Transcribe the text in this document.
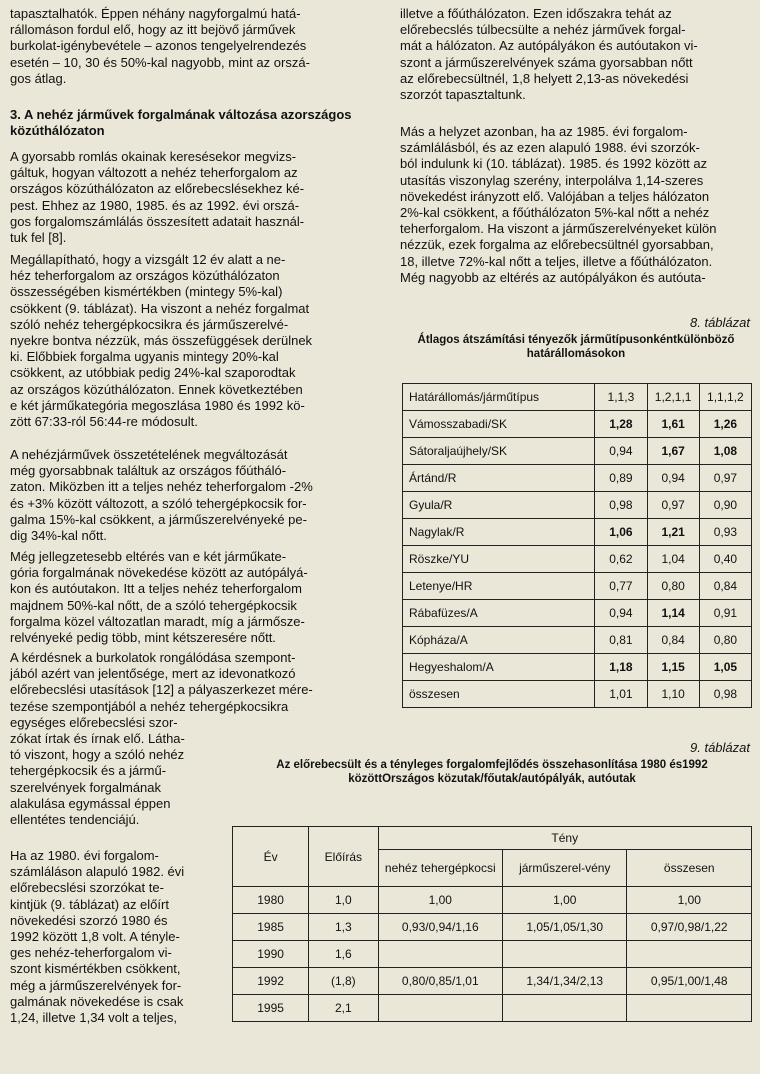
tapasztalhatók. Éppen néhány nagyforgalmú hatá-
rállomáson fordul elő, hogy az itt bejövő járművek
burkolat-igénybevétele – azonos tengelyelrendezés
esetén – 10, 30 és 50%-kal nagyobb, mint az orszá-
gos átlag.
3. A nehéz járművek forgalmának változása azországos közúthálózaton
A gyorsabb romlás okainak keresésekor megvizs-
gáltuk, hogyan változott a nehéz teherforgalom az
országos közúthálózaton az előrebecslésekhez ké-
pest. Ehhez az 1980, 1985. és az 1992. évi orszá-
gos forgalomszámlálás összesített adatait használ-
tuk fel [8].
Megállapítható, hogy a vizsgált 12 év alatt a ne-
héz teherforgalom az országos közúthálózaton
összességében kismértékben (mintegy 5%-kal)
csökkent (9. táblázat). Ha viszont a nehéz forgalmat
szóló nehéz tehergépkocsikra és járműszerelvé-
nyekre bontva nézzük, más összefüggések derülnek
ki. Előbbiek forgalma ugyanis mintegy 20%-kal
csökkent, az utóbbiak pedig 24%-kal szaporodtak
az országos közúthálózaton. Ennek következtében
e két járműkategória megoszlása 1980 és 1992 kö-
zött 67:33-ról 56:44-re módosult.
A nehézjárművek összetételének megváltozását
még gyorsabbnak találtuk az országos főútháló-
zaton. Miközben itt a teljes nehéz teherforgalom -2%
és +3% között változott, a szóló tehergépkocsik for-
galma 15%-kal csökkent, a járműszerelvényeké pe-
dig 34%-kal nőtt.
Még jellegzetesebb eltérés van e két járműkate-
gória forgalmának növekedése között az autópályá-
kon és autóutakon. Itt a teljes nehéz teherforgalom
majdnem 50%-kal nőtt, de a szóló tehergépkocsik
forgalma közel változatlan maradt, míg a jármősze-
relvényeké pedig több, mint kétszeresére nőtt.
A kérdésnek a burkolatok rongálódása szempont-
jából azért van jelentősége, mert az idevonatkozó
előrebecslési utasítások [12] a pályaszerkezet mére-
tezése szempontjából a nehéz tehergépkocsikra
egységes előrebecslési szor-
zókat írtak és írnak elő. Látha-
tó viszont, hogy a szóló nehéz
tehergépkocsik és a jármű-
szerelvények forgalmának
alakulása egymással éppen
ellentétes tendenciájú.
Ha az 1980. évi forgalom-
számláláson alapuló 1982. évi
előrebecslési szorzókat te-
kintjük (9. táblázat) az előírt
növekedési szorzó 1980 és
1992 között 1,8 volt. A tényle-
ges nehéz-teherforgalom vi-
szont kismértékben csökkent,
még a járműszerelvények for-
galmának növekedése is csak
1,24, illetve 1,34 volt a teljes,
illetve a főúthálózaton. Ezen időszakra tehát az
előrebecslés túlbecsülte a nehéz járművek forgal-
mát a hálózaton. Az autópályákon és autóutakon vi-
szont a járműszerelvények száma gyorsabban nőtt
az előrebecsültnél, 1,8 helyett 2,13-as növekedési
szorzót tapasztaltunk.
Más a helyzet azonban, ha az 1985. évi forgalom-
számlálásból, és az ezen alapuló 1988. évi szorzók-
ból indulunk ki (10. táblázat). 1985. és 1992 között az
utasítás viszonylag szerény, interpolálva 1,14-szeres
növekedést irányzott elő. Valójában a teljes hálózaton
2%-kal csökkent, a főúthálózaton 5%-kal nőtt a nehéz
teherforgalom. Ha viszont a járműszerelvényeket külön
nézzük, ezek forgalma az előrebecsültnél gyorsabban,
18, illetve 72%-kal nőtt a teljes, illetve a főúthálózaton.
Még nagyobb az eltérés az autópályákon és autóuta-
8. táblázat
Átlagos átszámítási tényezők járműtípusonkéntkülönböző határállomásokon
Határállomás/járműtípus	1,1,3	1,2,1,1	1,1,1,2
Vámosszabadi/SK	1,28	1,61	1,26
Sátoraljaújhely/SK	0,94	1,67	1,08
Ártánd/R	0,89	0,94	0,97
Gyula/R	0,98	0,97	0,90
Nagylak/R	1,06	1,21	0,93
Röszke/YU	0,62	1,04	0,40
Letenye/HR	0,77	0,80	0,84
Rábafüzes/A	0,94	1,14	0,91
Kópháza/A	0,81	0,84	0,80
Hegyeshalom/A	1,18	1,15	1,05
összesen	1,01	1,10	0,98
9. táblázat
Az előrebecsült és a tényleges forgalomfejlődés összehasonlítása 1980 és1992 közöttOrszágos közutak/főutak/autópályák, autóutak
Év	Előírás	Tény		
		nehéz tehergépkocsi	járműszerel-vény	összesen
1980	1,0	1,00	1,00	1,00
1985	1,3	0,93/0,94/1,16	1,05/1,05/1,30	0,97/0,98/1,22
1990	1,6			
1992	(1,8)	0,80/0,85/1,01	1,34/1,34/2,13	0,95/1,00/1,48
1995	2,1			
